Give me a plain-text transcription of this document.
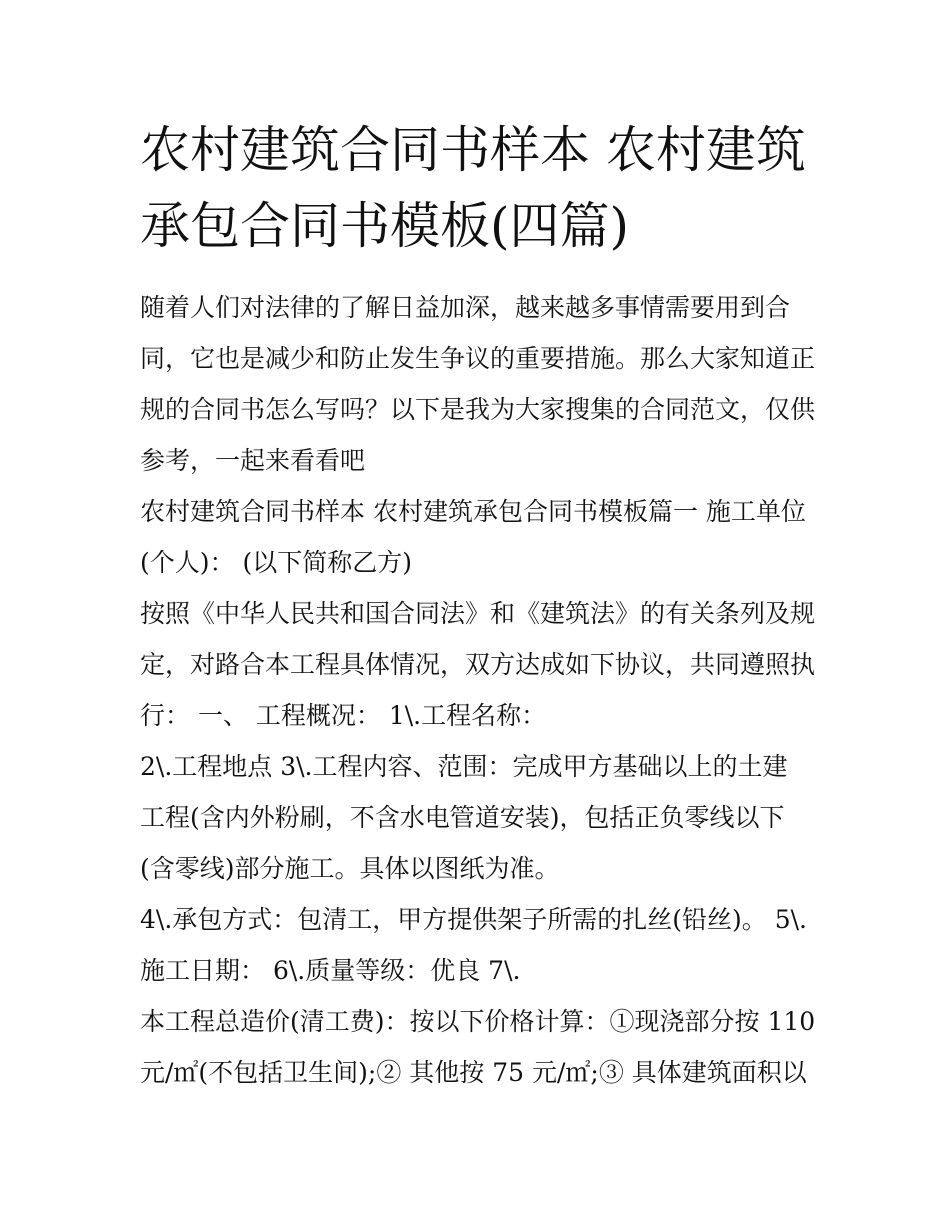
农村建筑合同书样本 农村建筑
承包合同书模板(四篇)

随着人们对法律的了解日益加深，越来越多事情需要用到合
同，它也是减少和防止发生争议的重要措施。那么大家知道正
规的合同书怎么写吗？以下是我为大家搜集的合同范文，仅供
参考，一起来看看吧

农村建筑合同书样本 农村建筑承包合同书模板篇一 施工单位
(个人)： (以下简称乙方)

按照《中华人民共和国合同法》和《建筑法》的有关条列及规
定，对路合本工程具体情况，双方达成如下协议，共同遵照执
行： 一、 工程概况： 1\.工程名称：

2\.工程地点 3\.工程内容、范围：完成甲方基础以上的土建
工程(含内外粉刷，不含水电管道安装)，包括正负零线以下
(含零线)部分施工。具体以图纸为准。

4\.承包方式：包清工，甲方提供架子所需的扎丝(铅丝)。 5\.
施工日期： 6\.质量等级：优良 7\.

本工程总造价(清工费)：按以下价格计算：①现浇部分按 110
元/㎡(不包括卫生间);② 其他按 75 元/㎡;③ 具体建筑面积以
